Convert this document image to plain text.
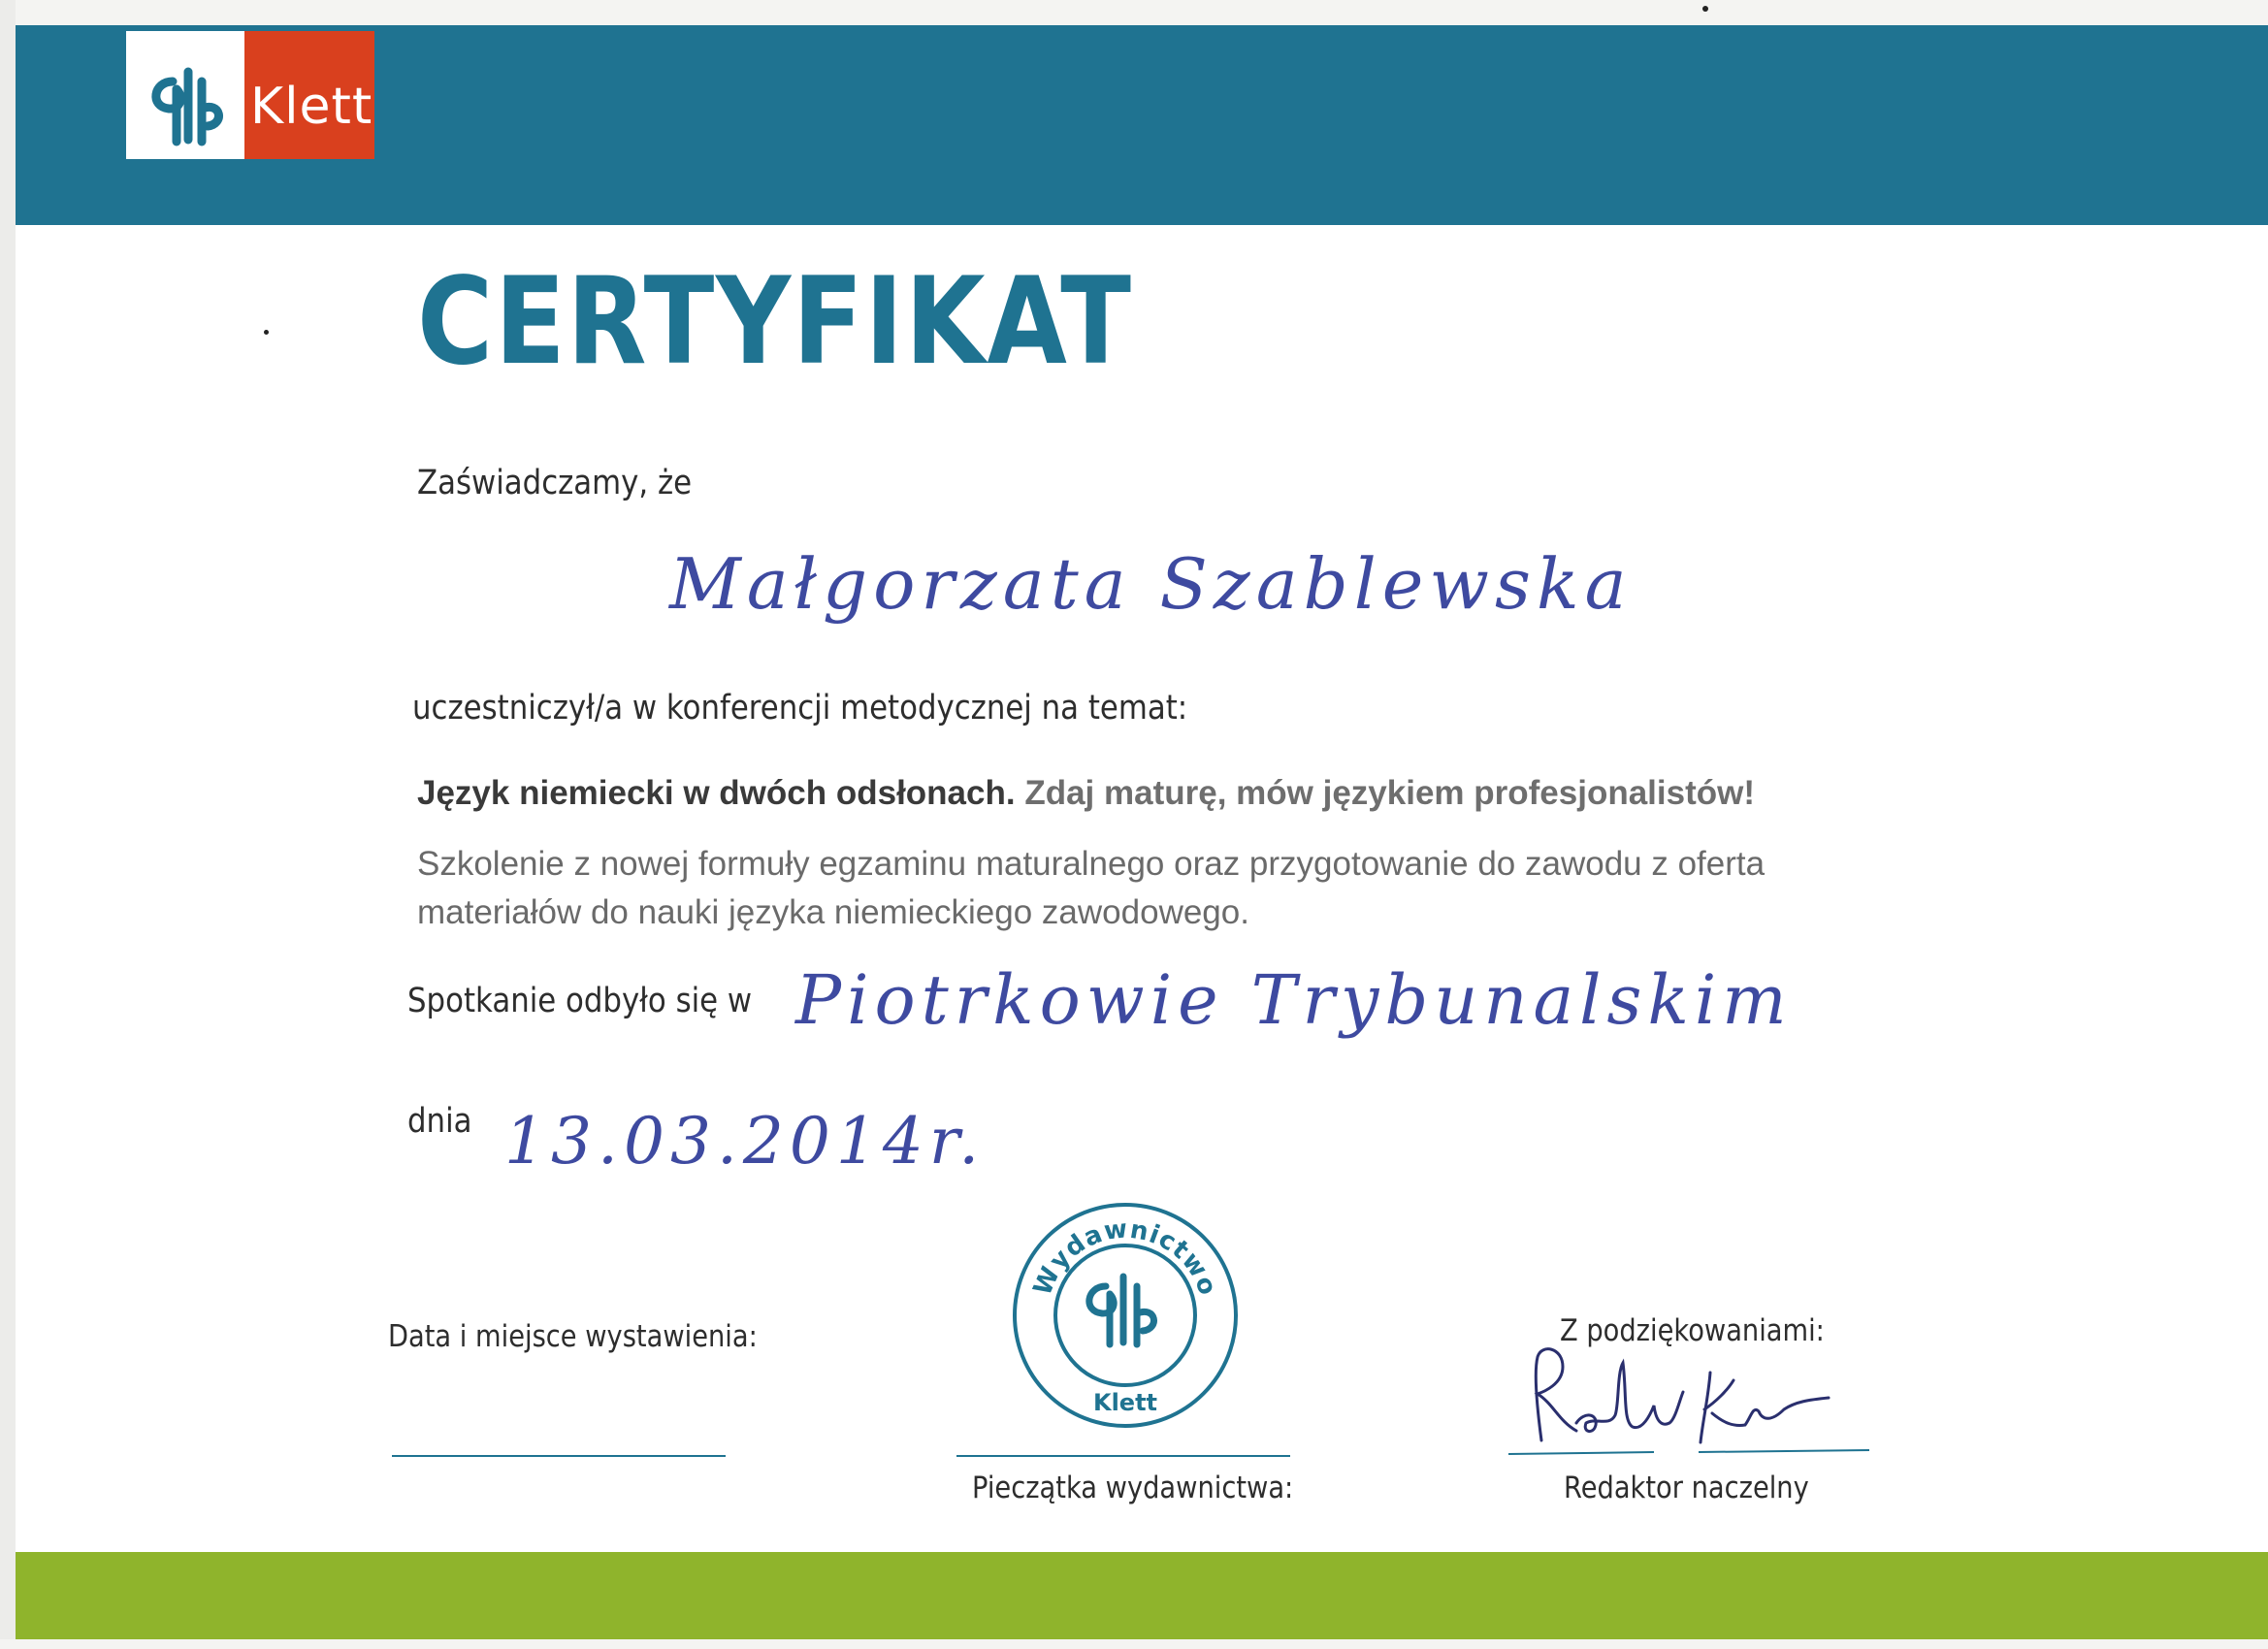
Klett
CERTYFIKAT
Zaświadczamy, że
Małgorzata Szablewska
uczestniczył/a w konferencji metodycznej na temat:
Język niemiecki w dwóch odsłonach. Zdaj maturę, mów językiem profesjonalistów!
Szkolenie z nowej formuły egzaminu maturalnego oraz przygotowanie do zawodu z oferta materiałów do nauki języka niemieckiego zawodowego.
Spotkanie odbyło się w Piotrkowie Trybunalskim
dnia 13.03.2014r.
Data i miejsce wystawienia:
Wydawnictwo
Klett
Pieczątka wydawnictwa:
Z podziękowaniami:
Redaktor naczelny
